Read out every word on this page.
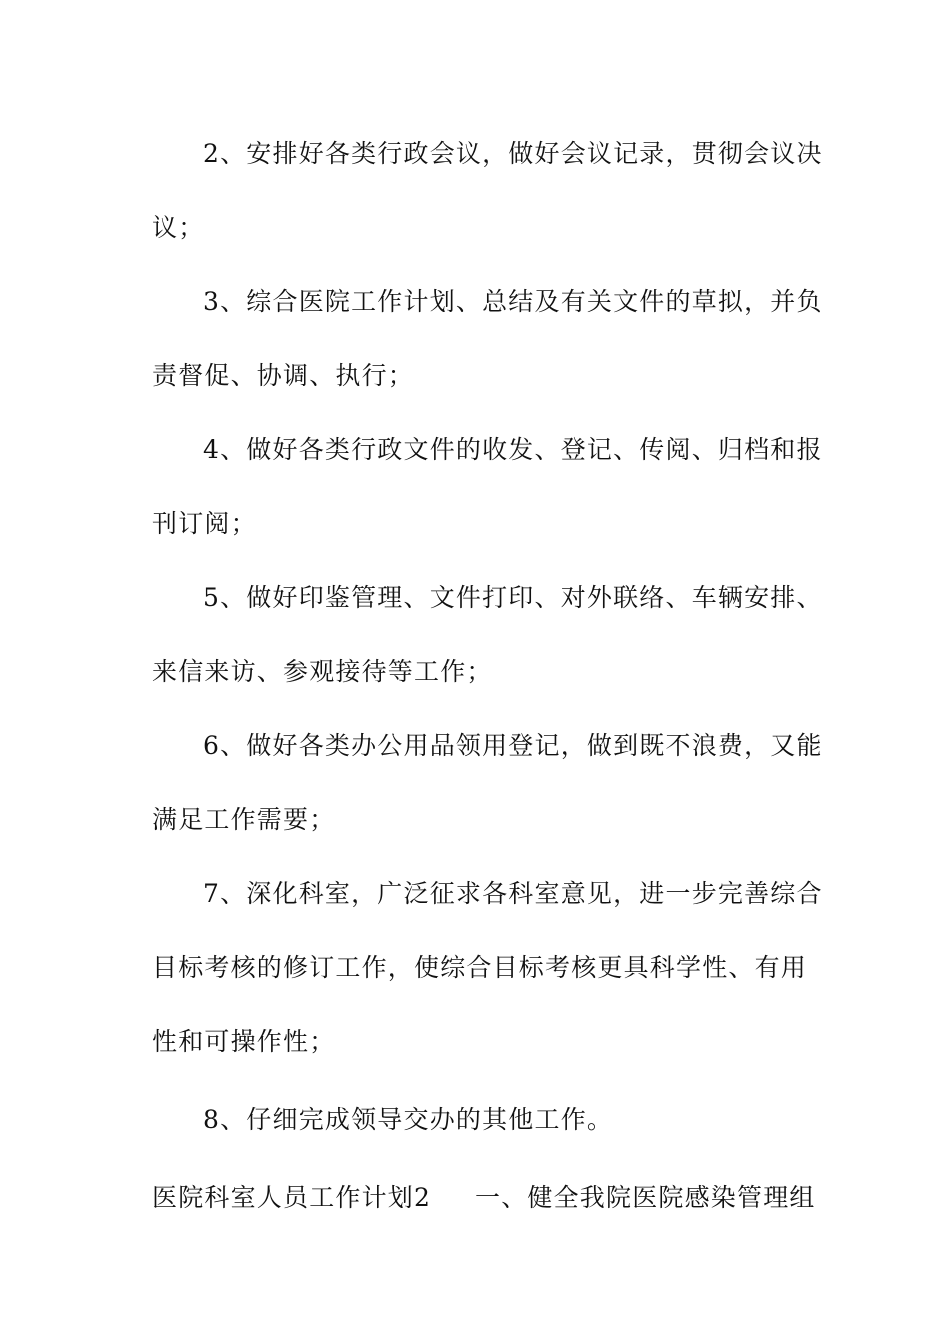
2、安排好各类行政会议，做好会议记录，贯彻会议决
议；
3、综合医院工作计划、总结及有关文件的草拟，并负
责督促、协调、执行；
4、做好各类行政文件的收发、登记、传阅、归档和报
刊订阅；
5、做好印鉴管理、文件打印、对外联络、车辆安排、
来信来访、参观接待等工作；
6、做好各类办公用品领用登记，做到既不浪费，又能
满足工作需要；
7、深化科室，广泛征求各科室意见，进一步完善综合
目标考核的修订工作，使综合目标考核更具科学性、有用
性和可操作性；
8、仔细完成领导交办的其他工作。
医院科室人员工作计划2 一、健全我院医院感染管理组
